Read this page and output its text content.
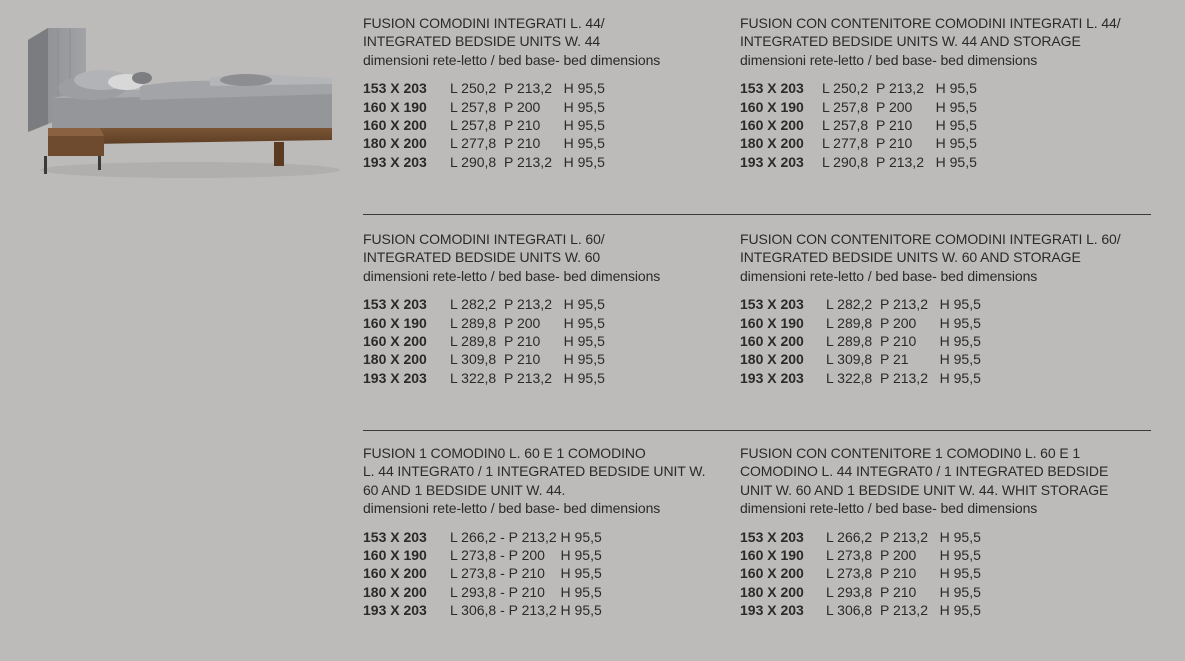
FUSION COMODINI INTEGRATI L. 44/
INTEGRATED BEDSIDE UNITS W. 44
dimensioni rete-letto / bed base- bed dimensions
153 X 203 L 250,2  P 213,2   H 95,5
160 X 190 L 257,8  P 200      H 95,5
160 X 200 L 257,8  P 210      H 95,5
180 X 200 L 277,8  P 210      H 95,5
193 X 203 L 290,8  P 213,2   H 95,5
FUSION CON CONTENITORE COMODINI INTEGRATI L. 44/
INTEGRATED BEDSIDE UNITS W. 44 AND STORAGE
dimensioni rete-letto / bed base- bed dimensions
153 X 203 L 250,2  P 213,2   H 95,5
160 X 190 L 257,8  P 200      H 95,5
160 X 200 L 257,8  P 210      H 95,5
180 X 200 L 277,8  P 210      H 95,5
193 X 203 L 290,8  P 213,2   H 95,5
FUSION COMODINI INTEGRATI L. 60/
INTEGRATED BEDSIDE UNITS W. 60
dimensioni rete-letto / bed base- bed dimensions
153 X 203 L 282,2  P 213,2   H 95,5
160 X 190 L 289,8  P 200      H 95,5
160 X 200 L 289,8  P 210      H 95,5
180 X 200 L 309,8  P 210      H 95,5
193 X 203 L 322,8  P 213,2   H 95,5
FUSION CON CONTENITORE COMODINI INTEGRATI L. 60/
INTEGRATED BEDSIDE UNITS W. 60 AND STORAGE
dimensioni rete-letto / bed base- bed dimensions
153 X 203 L 282,2  P 213,2   H 95,5
160 X 190 L 289,8  P 200      H 95,5
160 X 200 L 289,8  P 210      H 95,5
180 X 200 L 309,8  P 21        H 95,5
193 X 203 L 322,8  P 213,2   H 95,5
FUSION 1 COMODIN0 L. 60 E 1 COMODINO
L. 44 INTEGRAT0 / 1 INTEGRATED BEDSIDE UNIT W.
60 AND 1 BEDSIDE UNIT W. 44.
dimensioni rete-letto / bed base- bed dimensions
153 X 203 L 266,2 - P 213,2 H 95,5
160 X 190 L 273,8 - P 200    H 95,5
160 X 200 L 273,8 - P 210    H 95,5
180 X 200 L 293,8 - P 210    H 95,5
193 X 203 L 306,8 - P 213,2 H 95,5
FUSION CON CONTENITORE 1 COMODIN0 L. 60 E 1
COMODINO L. 44 INTEGRAT0 / 1 INTEGRATED BEDSIDE
UNIT W. 60 AND 1 BEDSIDE UNIT W. 44. WHIT STORAGE
dimensioni rete-letto / bed base- bed dimensions
153 X 203 L 266,2  P 213,2   H 95,5
160 X 190 L 273,8  P 200      H 95,5
160 X 200 L 273,8  P 210      H 95,5
180 X 200 L 293,8  P 210      H 95,5
193 X 203 L 306,8  P 213,2   H 95,5
